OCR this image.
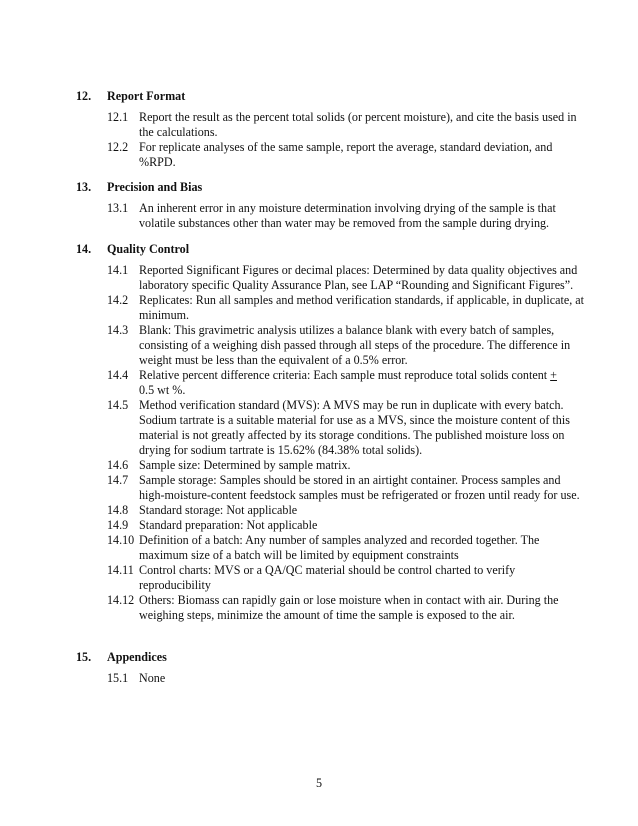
12. Report Format
12.1 Report the result as the percent total solids (or percent moisture), and cite the basis used in the calculations.
12.2 For replicate analyses of the same sample, report the average, standard deviation, and %RPD.
13. Precision and Bias
13.1 An inherent error in any moisture determination involving drying of the sample is that volatile substances other than water may be removed from the sample during drying.
14. Quality Control
14.1 Reported Significant Figures or decimal places: Determined by data quality objectives and laboratory specific Quality Assurance Plan, see LAP “Rounding and Significant Figures”.
14.2 Replicates: Run all samples and method verification standards, if applicable, in duplicate, at minimum.
14.3 Blank: This gravimetric analysis utilizes a balance blank with every batch of samples, consisting of a weighing dish passed through all steps of the procedure. The difference in weight must be less than the equivalent of a 0.5% error.
14.4 Relative percent difference criteria: Each sample must reproduce total solids content +
0.5 wt %.
14.5 Method verification standard (MVS): A MVS may be run in duplicate with every batch. Sodium tartrate is a suitable material for use as a MVS, since the moisture content of this material is not greatly affected by its storage conditions. The published moisture loss on drying for sodium tartrate is 15.62% (84.38% total solids).
14.6 Sample size: Determined by sample matrix.
14.7 Sample storage: Samples should be stored in an airtight container. Process samples and high-moisture-content feedstock samples must be refrigerated or frozen until ready for use.
14.8 Standard storage: Not applicable
14.9 Standard preparation: Not applicable
14.10 Definition of a batch: Any number of samples analyzed and recorded together. The maximum size of a batch will be limited by equipment constraints
14.11 Control charts: MVS or a QA/QC material should be control charted to verify reproducibility
14.12 Others: Biomass can rapidly gain or lose moisture when in contact with air. During the weighing steps, minimize the amount of time the sample is exposed to the air.
15. Appendices
15.1 None
5
